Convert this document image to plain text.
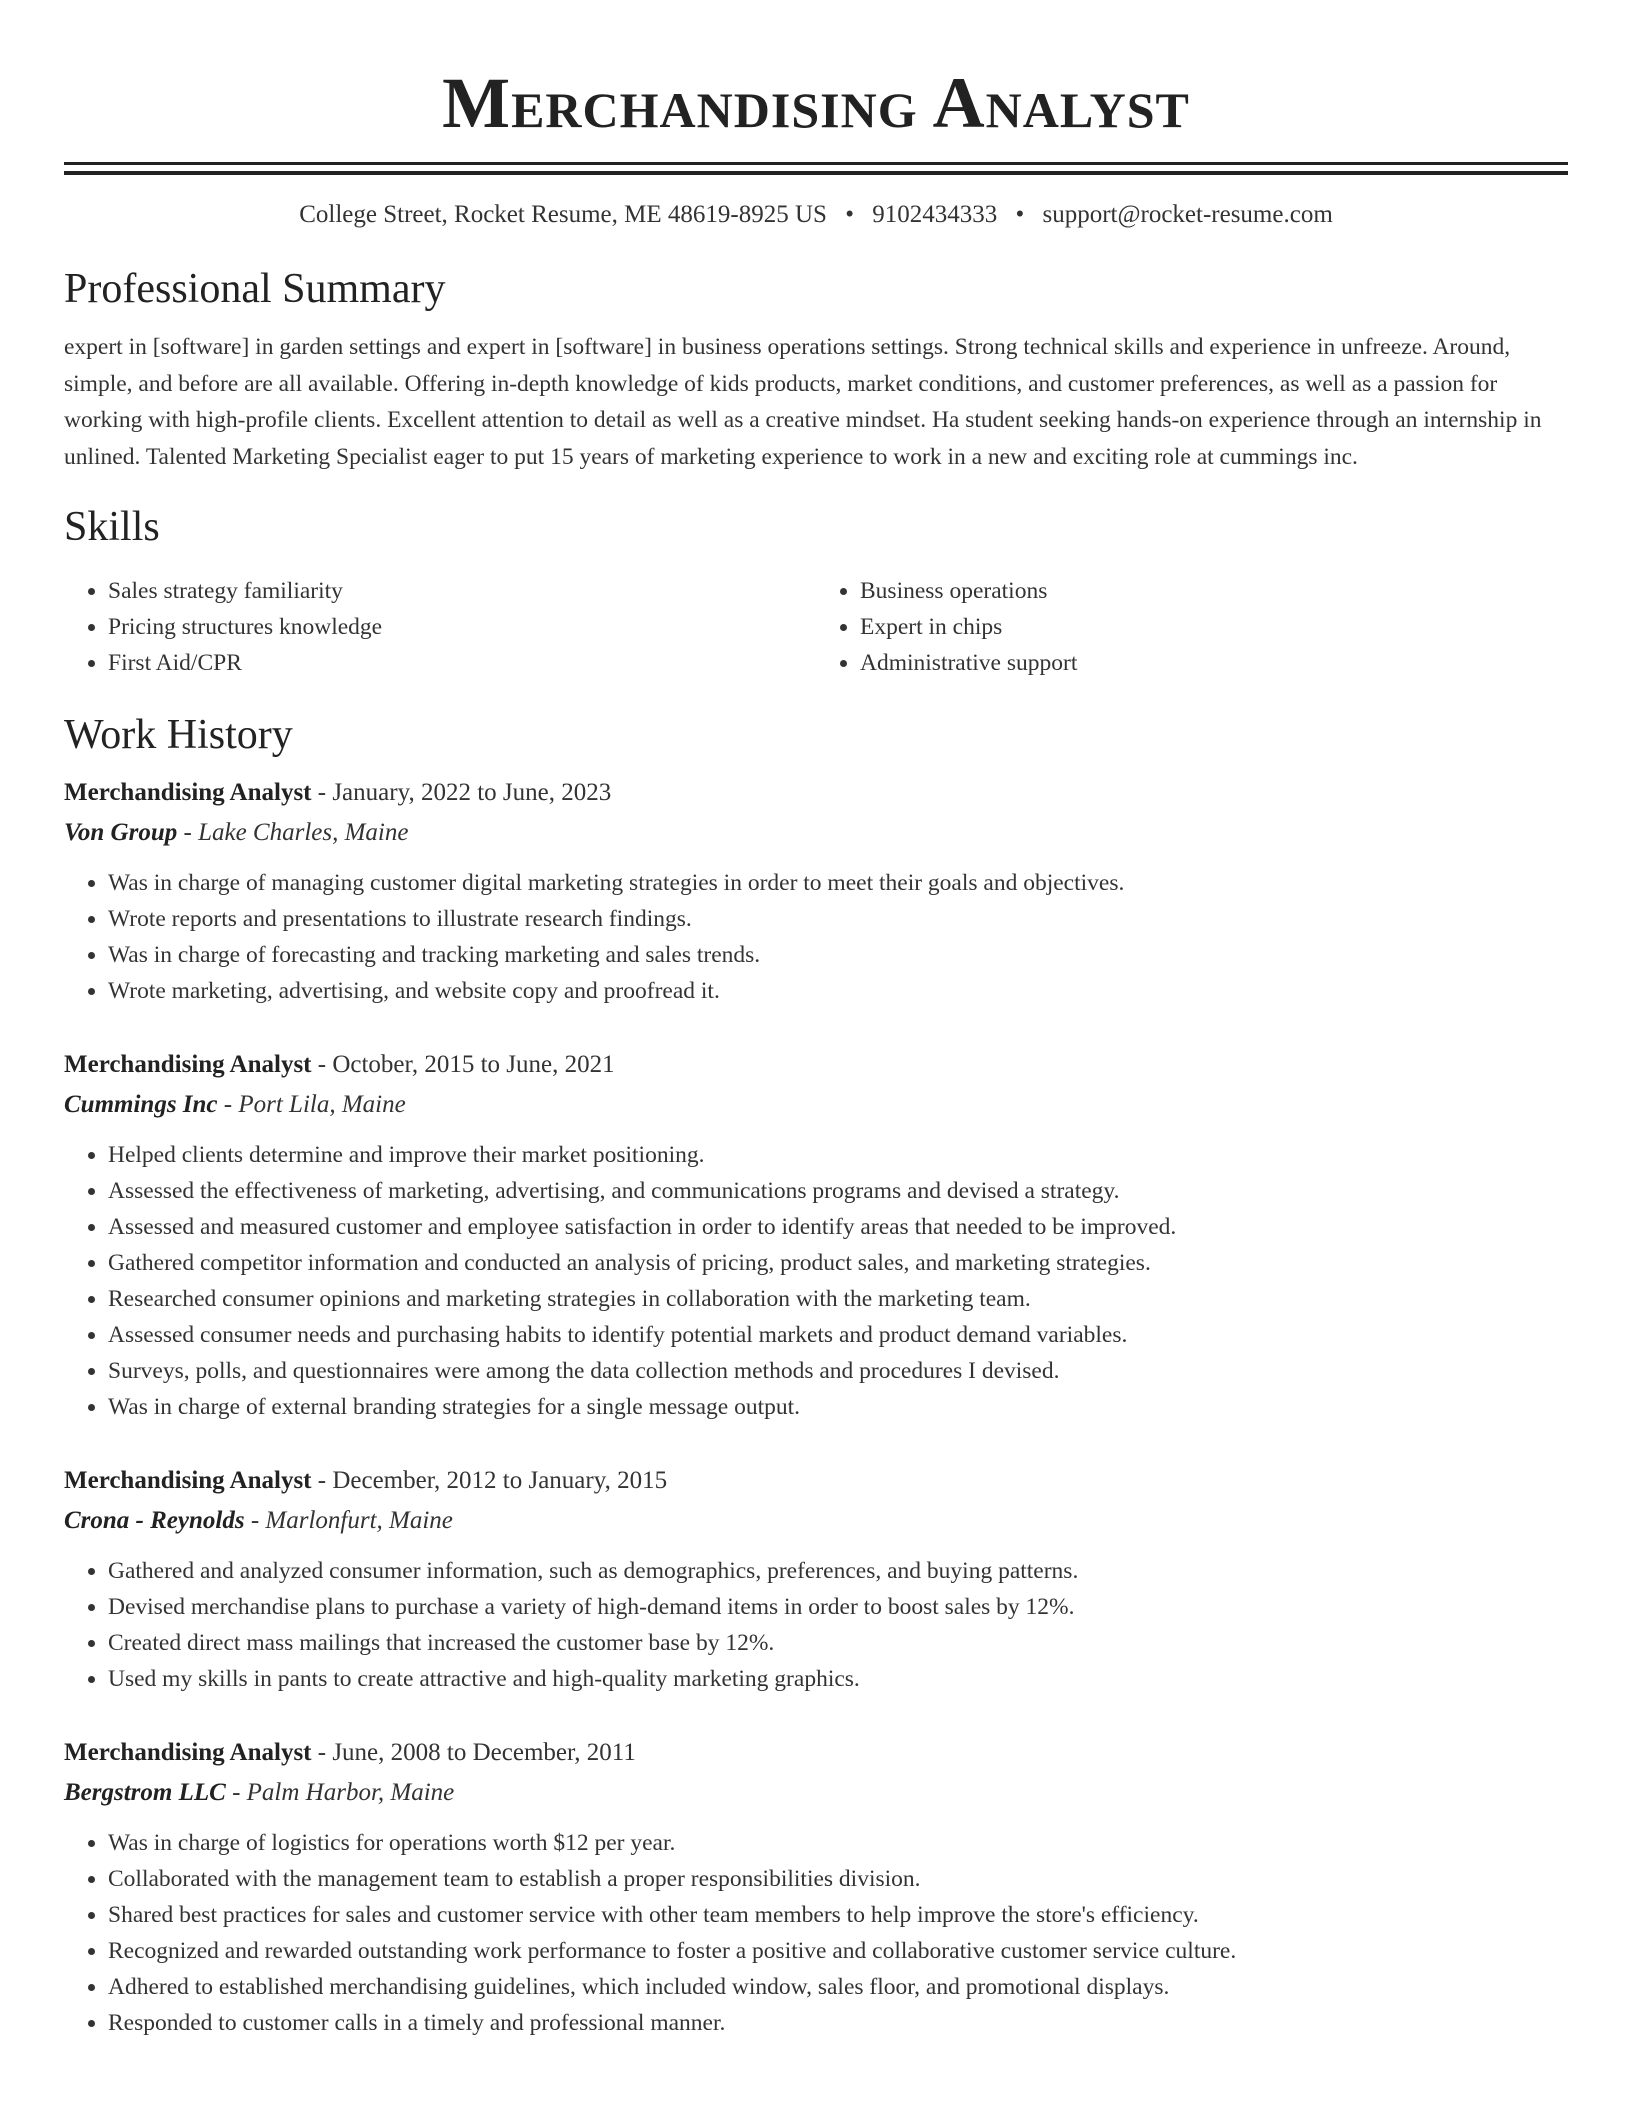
Merchandising Analyst
College Street, Rocket Resume, ME 48619-8925 US • 9102434333 • support@rocket-resume.com
Professional Summary
expert in [software] in garden settings and expert in [software] in business operations settings. Strong technical skills and experience in unfreeze. Around, simple, and before are all available. Offering in-depth knowledge of kids products, market conditions, and customer preferences, as well as a passion for working with high-profile clients. Excellent attention to detail as well as a creative mindset. Ha student seeking hands-on experience through an internship in unlined. Talented Marketing Specialist eager to put 15 years of marketing experience to work in a new and exciting role at cummings inc.
Skills
• Sales strategy familiarity
• Pricing structures knowledge
• First Aid/CPR
• Business operations
• Expert in chips
• Administrative support
Work History
Merchandising Analyst - January, 2022 to June, 2023
Von Group - Lake Charles, Maine
• Was in charge of managing customer digital marketing strategies in order to meet their goals and objectives.
• Wrote reports and presentations to illustrate research findings.
• Was in charge of forecasting and tracking marketing and sales trends.
• Wrote marketing, advertising, and website copy and proofread it.
Merchandising Analyst - October, 2015 to June, 2021
Cummings Inc - Port Lila, Maine
• Helped clients determine and improve their market positioning.
• Assessed the effectiveness of marketing, advertising, and communications programs and devised a strategy.
• Assessed and measured customer and employee satisfaction in order to identify areas that needed to be improved.
• Gathered competitor information and conducted an analysis of pricing, product sales, and marketing strategies.
• Researched consumer opinions and marketing strategies in collaboration with the marketing team.
• Assessed consumer needs and purchasing habits to identify potential markets and product demand variables.
• Surveys, polls, and questionnaires were among the data collection methods and procedures I devised.
• Was in charge of external branding strategies for a single message output.
Merchandising Analyst - December, 2012 to January, 2015
Crona - Reynolds - Marlonfurt, Maine
• Gathered and analyzed consumer information, such as demographics, preferences, and buying patterns.
• Devised merchandise plans to purchase a variety of high-demand items in order to boost sales by 12%.
• Created direct mass mailings that increased the customer base by 12%.
• Used my skills in pants to create attractive and high-quality marketing graphics.
Merchandising Analyst - June, 2008 to December, 2011
Bergstrom LLC - Palm Harbor, Maine
• Was in charge of logistics for operations worth $12 per year.
• Collaborated with the management team to establish a proper responsibilities division.
• Shared best practices for sales and customer service with other team members to help improve the store's efficiency.
• Recognized and rewarded outstanding work performance to foster a positive and collaborative customer service culture.
• Adhered to established merchandising guidelines, which included window, sales floor, and promotional displays.
• Responded to customer calls in a timely and professional manner.
